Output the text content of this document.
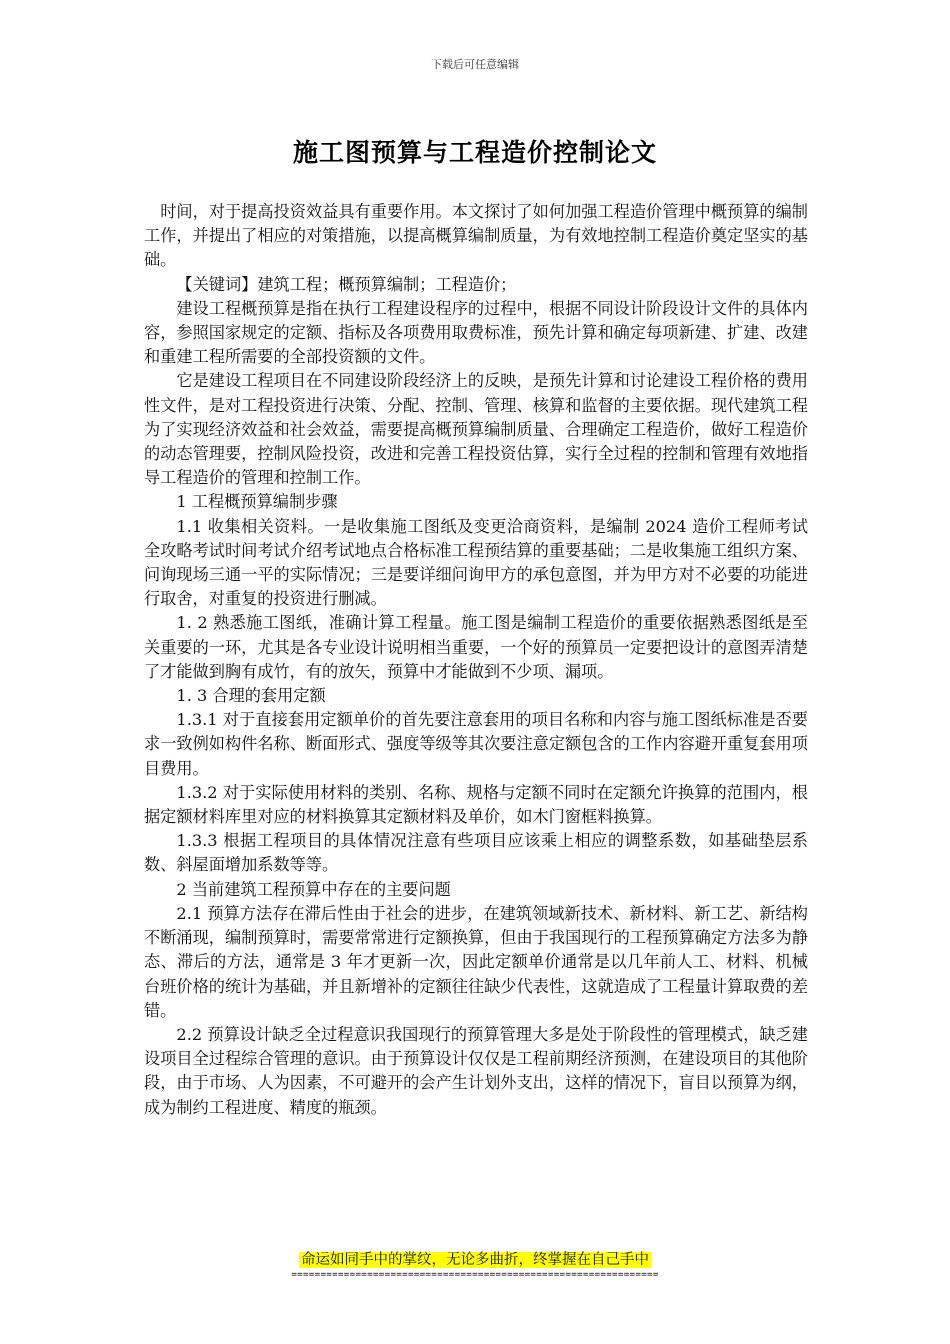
下载后可任意编辑
施工图预算与工程造价控制论文

时间，对于提高投资效益具有重要作用。本文探讨了如何加强工程造价管理中概预算的编制工作，并提出了相应的对策措施，以提高概算编制质量，为有效地控制工程造价奠定坚实的基础。

【关键词】建筑工程；概预算编制；工程造价；

建设工程概预算是指在执行工程建设程序的过程中，根据不同设计阶段设计文件的具体内容，参照国家规定的定额、指标及各项费用取费标准，预先计算和确定每项新建、扩建、改建和重建工程所需要的全部投资额的文件。

它是建设工程项目在不同建设阶段经济上的反映，是预先计算和讨论建设工程价格的费用性文件，是对工程投资进行决策、分配、控制、管理、核算和监督的主要依据。现代建筑工程为了实现经济效益和社会效益，需要提高概预算编制质量、合理确定工程造价，做好工程造价的动态管理要，控制风险投资，改进和完善工程投资估算，实行全过程的控制和管理有效地指导工程造价的管理和控制工作。

1 工程概预算编制步骤

1.1 收集相关资料。一是收集施工图纸及变更洽商资料，是编制 2024 造价工程师考试全攻略考试时间考试介绍考试地点合格标准工程预结算的重要基础；二是收集施工组织方案、问询现场三通一平的实际情况；三是要详细问询甲方的承包意图，并为甲方对不必要的功能进行取舍，对重复的投资进行删减。

1. 2 熟悉施工图纸，准确计算工程量。施工图是编制工程造价的重要依据熟悉图纸是至关重要的一环，尤其是各专业设计说明相当重要，一个好的预算员一定要把设计的意图弄清楚了才能做到胸有成竹，有的放矢，预算中才能做到不少项、漏项。

1. 3 合理的套用定额

1.3.1 对于直接套用定额单价的首先要注意套用的项目名称和内容与施工图纸标准是否要求一致例如构件名称、断面形式、强度等级等其次要注意定额包含的工作内容避开重复套用项目费用。

1.3.2 对于实际使用材料的类别、名称、规格与定额不同时在定额允许换算的范围内，根据定额材料库里对应的材料换算其定额材料及单价，如木门窗框料换算。

1.3.3 根据工程项目的具体情况注意有些项目应该乘上相应的调整系数，如基础垫层系数、斜屋面增加系数等等。

2 当前建筑工程预算中存在的主要问题

2.1 预算方法存在滞后性由于社会的进步，在建筑领域新技术、新材料、新工艺、新结构不断涌现，编制预算时，需要常常进行定额换算，但由于我国现行的工程预算确定方法多为静态、滞后的方法，通常是 3 年才更新一次，因此定额单价通常是以几年前人工、材料、机械台班价格的统计为基础，并且新增补的定额往往缺少代表性，这就造成了工程量计算取费的差错。

2.2 预算设计缺乏全过程意识我国现行的预算管理大多是处于阶段性的管理模式，缺乏建设项目全过程综合管理的意识。由于预算设计仅仅是工程前期经济预测，在建设项目的其他阶段，由于市场、人为因素，不可避开的会产生计划外支出，这样的情况下，盲目以预算为纲，成为制约工程进度、精度的瓶颈。

命运如同手中的掌纹，无论多曲折，终掌握在自己手中
===============================================================
